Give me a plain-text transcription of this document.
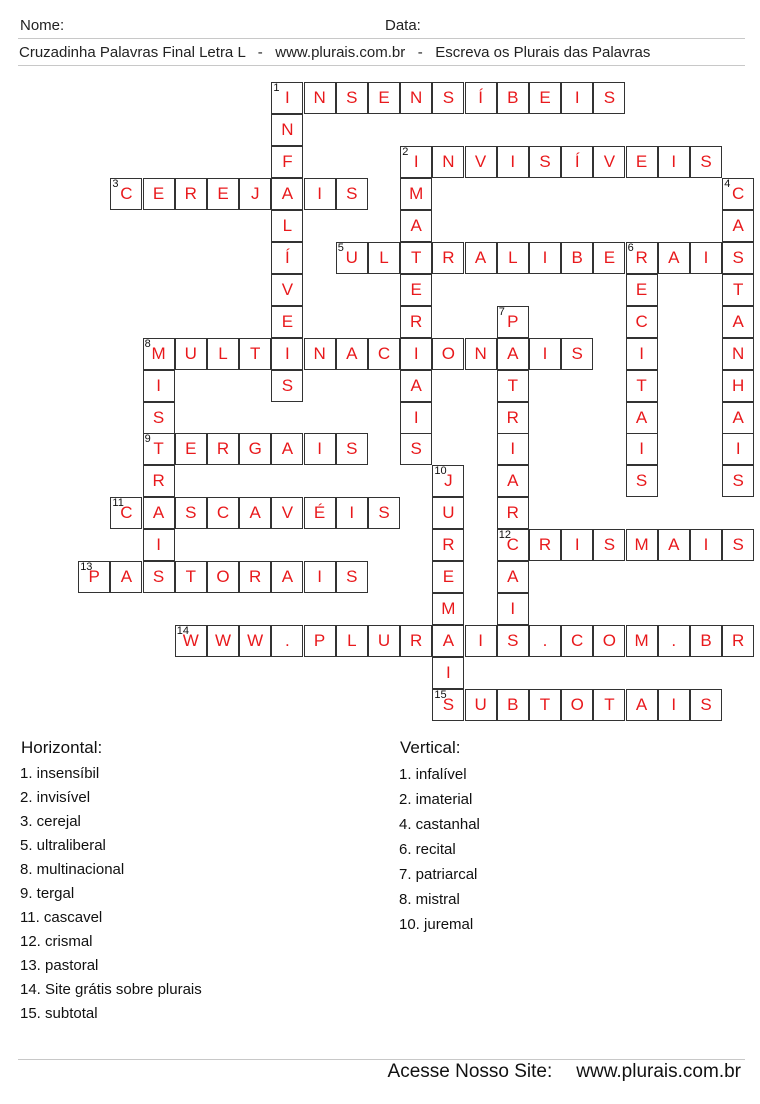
Nome:	Data:
Cruzadinha Palavras Final Letra L   -   www.plurais.com.br   -   Escreva os Plurais das Palavras
1 I	N	S	E	N	S	Í	B	E	I	S
N
F
A
L
Í
V
E
I
S
2 I	N	V	I	S	Í	V	E	I	S
M
A
T
E
R
I
A
I
S
3 C	E	R	E	J	I	S	4 C
A
S
T
A
N
H
A
I
S
5 U	L	R	A	L	I	B	E	6 R	A	I
E
C
I
T
A
I
S
7 P
A
T
R
I
A
R
12
C
A
I
8 M	U	L	T	N	A	C	O	N	I	S
I
S
9 T
R
A
I
E	R	G	A	I	S
10
J
U
R
E
M
A
I
15
S
11
C	S	C	A	V	É	I	S
R	I	S	M	A	I	S
13
P	A	S	T	O	R	A	I	S
14
W W W	.	P	L	U	R	I	S	.	C	O	M	.	B	R
U	B	T	O	T	A	I	S
Horizontal:
1. insensíbil
2. invisível
3. cerejal
5. ultraliberal
8. multinacional
9. tergal
11. cascavel
12. crismal
13. pastoral
14. Site grátis sobre plurais
15. subtotal
Vertical:
1. infalível
2. imaterial
4. castanhal
6. recital
7. patriarcal
8. mistral
10. juremal
Acesse Nosso Site: www.plurais.com.br
